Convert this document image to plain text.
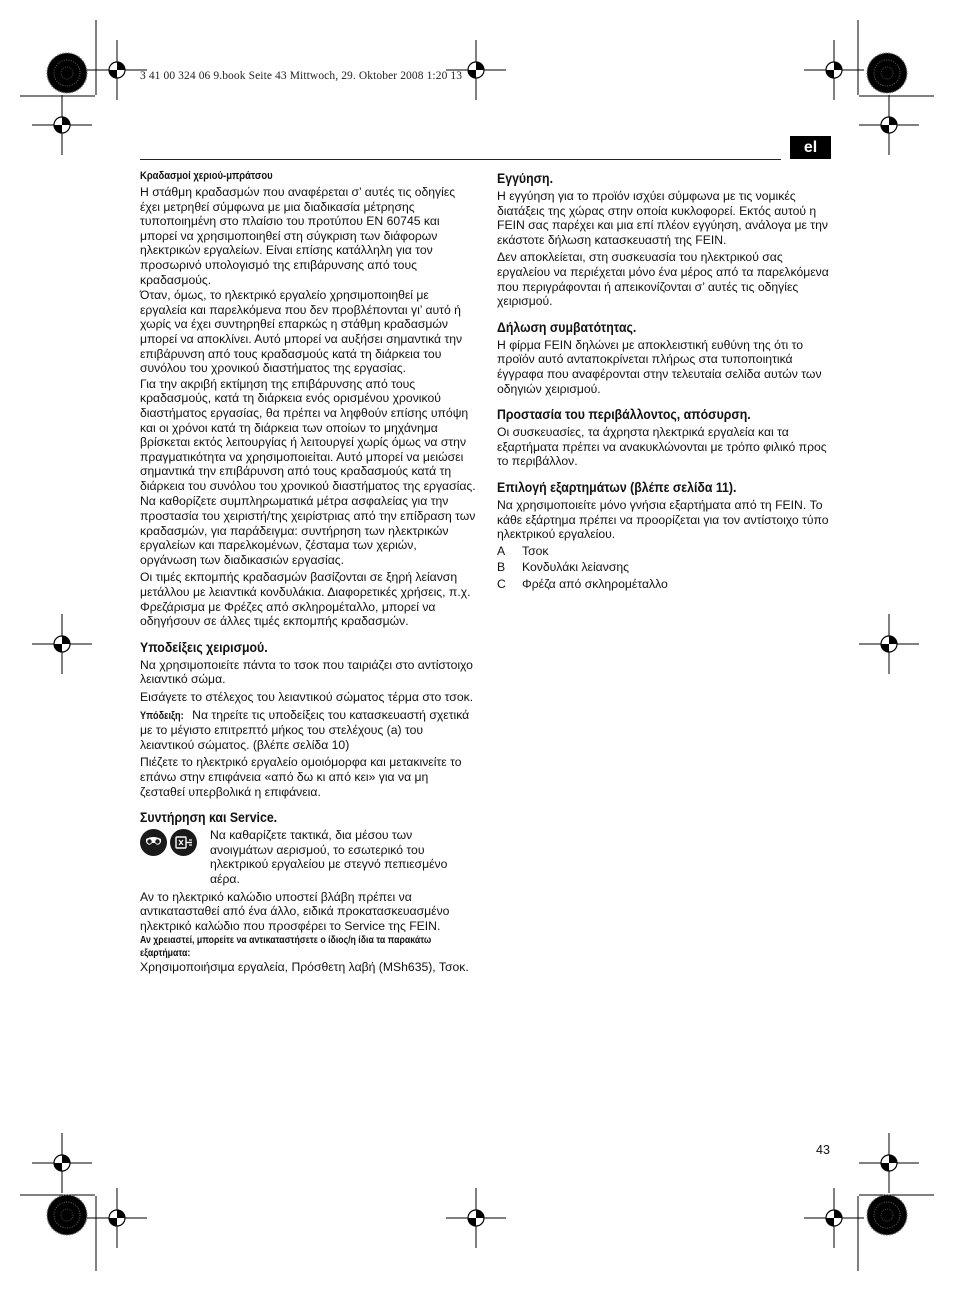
3 41 00 324 06 9.book Seite 43 Mittwoch, 29. Oktober 2008 1:20 13
el
Κραδασμοί χεριού-μπράτσου

Η στάθμη κραδασμών που αναφέρεται σ’ αυτές τις οδηγίες έχει μετρηθεί σύμφωνα με μια διαδικασία μέτρησης τυποποιημένη στο πλαίσιο του προτύπου EN 60745 και μπορεί να χρησιμοποιηθεί στη σύγκριση των διάφορων ηλεκτρικών εργαλείων. Είναι επίσης κατάλληλη για τον προσωρινό υπολογισμό της επιβάρυνσης από τους κραδασμούς.

Όταν, όμως, το ηλεκτρικό εργαλείο χρησιμοποιηθεί με εργαλεία και παρελκόμενα που δεν προβλέπονται γι’ αυτό ή χωρίς να έχει συντηρηθεί επαρκώς η στάθμη κραδασμών μπορεί να αποκλίνει. Αυτό μπορεί να αυξήσει σημαντικά την επιβάρυνση από τους κραδασμούς κατά τη διάρκεια του συνόλου του χρονικού διαστήματος της εργασίας.

Για την ακριβή εκτίμηση της επιβάρυνσης από τους κραδασμούς, κατά τη διάρκεια ενός ορισμένου χρονικού διαστήματος εργασίας, θα πρέπει να ληφθούν επίσης υπόψη και οι χρόνοι κατά τη διάρκεια των οποίων το μηχάνημα βρίσκεται εκτός λειτουργίας ή λειτουργεί χωρίς όμως να στην πραγματικότητα να χρησιμοποιείται. Αυτό μπορεί να μειώσει σημαντικά την επιβάρυνση από τους κραδασμούς κατά τη διάρκεια του συνόλου του χρονικού διαστήματος της εργασίας.

Να καθορίζετε συμπληρωματικά μέτρα ασφαλείας για την προστασία του χειριστή/της χειρίστριας από την επίδραση των κραδασμών, για παράδειγμα: συντήρηση των ηλεκτρικών εργαλείων και παρελκομένων, ζέσταμα των χεριών, οργάνωση των διαδικασιών εργασίας.

Οι τιμές εκπομπής κραδασμών βασίζονται σε ξηρή λείανση μετάλλου με λειαντικά κονδυλάκια. Διαφορετικές χρήσεις, π.χ. Φρεζάρισμα με Φρέζες από σκληρομέταλλο, μπορεί να οδηγήσουν σε άλλες τιμές εκπομπής κραδασμών.

Υποδείξεις χειρισμού.

Να χρησιμοποιείτε πάντα το τσοκ που ταιριάζει στο αντίστοιχο λειαντικό σώμα.

Εισάγετε το στέλεχος του λειαντικού σώματος τέρμα στο τσοκ.

Υπόδειξη: Να τηρείτε τις υποδείξεις του κατασκευαστή σχετικά με το μέγιστο επιτρεπτό μήκος του στελέχους (a) του λειαντικού σώματος. (βλέπε σελίδα 10)

Πιέζετε το ηλεκτρικό εργαλείο ομοιόμορφα και μετακινείτε το επάνω στην επιφάνεια «από δω κι από κει» για να μη ζεσταθεί υπερβολικά η επιφάνεια.

Συντήρηση και Service.

Να καθαρίζετε τακτικά, δια μέσου των ανοιγμάτων αερισμού, το εσωτερικό του ηλεκτρικού εργαλείου με στεγνό πεπιεσμένο αέρα.

Αν το ηλεκτρικό καλώδιο υποστεί βλάβη πρέπει να αντικατασταθεί από ένα άλλο, ειδικά προκατασκευασμένο ηλεκτρικό καλώδιο που προσφέρει το Service της FEIN.

Αν χρειαστεί, μπορείτε να αντικαταστήσετε ο ίδιος/η ίδια τα παρακάτω
εξαρτήματα:

Χρησιμοποιήσιμα εργαλεία, Πρόσθετη λαβή (MSh635), Τσοκ.

Εγγύηση.

Η εγγύηση για το προϊόν ισχύει σύμφωνα με τις νομικές διατάξεις της χώρας στην οποία κυκλοφορεί. Εκτός αυτού η FEIN σας παρέχει και μια επί πλέον εγγύηση, ανάλογα με την εκάστοτε δήλωση κατασκευαστή της FEIN.

Δεν αποκλείεται, στη συσκευασία του ηλεκτρικού σας εργαλείου να περιέχεται μόνο ένα μέρος από τα παρελκόμενα που περιγράφονται ή απεικονίζονται σ’ αυτές τις οδηγίες χειρισμού.

Δήλωση συμβατότητας.

Η φίρμα FEIN δηλώνει με αποκλειστική ευθύνη της ότι το προϊόν αυτό ανταποκρίνεται πλήρως στα τυποποιητικά έγγραφα που αναφέρονται στην τελευταία σελίδα αυτών των οδηγιών χειρισμού.

Προστασία του περιβάλλοντος, απόσυρση.

Οι συσκευασίες, τα άχρηστα ηλεκτρικά εργαλεία και τα εξαρτήματα πρέπει να ανακυκλώνονται με τρόπο φιλικό προς το περιβάλλον.

Επιλογή εξαρτημάτων (βλέπε σελίδα 11).

Να χρησιμοποιείτε μόνο γνήσια εξαρτήματα από τη FEIN. Το κάθε εξάρτημα πρέπει να προορίζεται για τον αντίστοιχο τύπο ηλεκτρικού εργαλείου.

A	Τσοκ
B	Κονδυλάκι λείανσης
C	Φρέζα από σκληρομέταλλο
43
